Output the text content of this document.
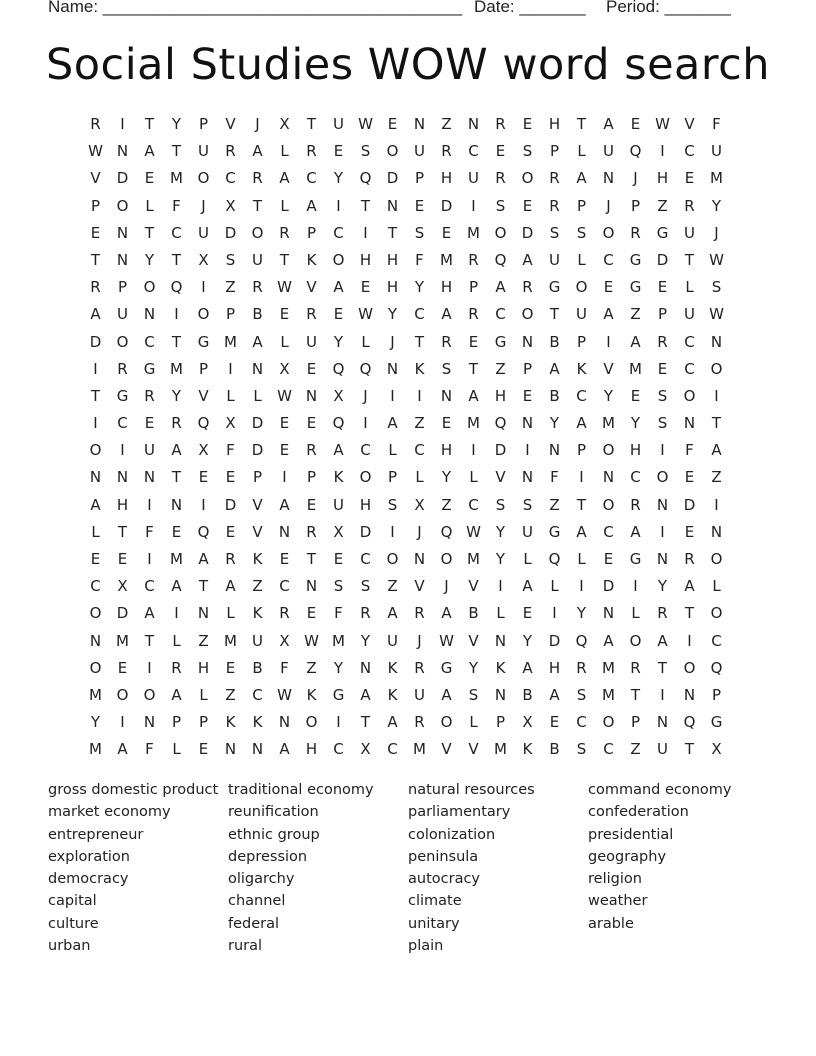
Name: ______________________________________ Date: _______ Period: _______
Social Studies WOW word search
R	I	T	Y	P	V	J	X	T	U W E	N	Z	N	R	E	H	T	A	E W V	F
W N	A	T	U	R	A	L	R	E	S	O	U	R	C	E	S	P	L	U	Q	I	C	U
V	D	E	M O	C	R	A	C	Y	Q	D	P	H	U	R	O	R	A	N	J	H	E	M
P	O	L	F	J	X	T	L	A	I	T	N	E	D	I	S	E	R	P	J	P	Z	R	Y
E	N	T	C	U	D	O	R	P	C	I	T	S	E	M O	D	S	S	O	R	G	U	J
T	N	Y	T	X	S	U	T	K	O	H	H	F	M	R	Q	A	U	L	C	G	D	T	W
R	P	O	Q	I	Z	R W V	A	E	H	Y	H	P	A	R	G	O	E	G	E	L	S
A	U	N	I	O	P	B	E	R	E W Y	C	A	R	C	O	T	U	A	Z	P	U W
D	O	C	T	G M	A	L	U	Y	L	J	T	R	E	G	N	B	P	I	A	R	C	N
I	R	G M	P	I	N	X	E	Q	Q	N	K	S	T	Z	P	A	K	V	M	E	C	O
T	G	R	Y	V	L	L	W N	X	J	I	I	N	A	H	E	B	C	Y	E	S	O	I
I	C	E	R	Q	X	D	E	E	Q	I	A	Z	E	M Q	N	Y	A	M	Y	S	N	T
O	I	U	A	X	F	D	E	R	A	C	L	C	H	I	D	I	N	P	O	H	I	F	A
N	N	N	T	E	E	P	I	P	K	O	P	L	Y	L	V	N	F	I	N	C	O	E	Z
A	H	I	N	I	D	V	A	E	U	H	S	X	Z	C	S	S	Z	T	O	R	N	D	I
L	T	F	E	Q	E	V	N	R	X	D	I	J	Q W Y	U	G	A	C	A	I	E	N
E	E	I	M	A	R	K	E	T	E	C	O	N	O M	Y	L	Q	L	E	G	N	R	O
C	X	C	A	T	A	Z	C	N	S	S	Z	V	J	V	I	A	L	I	D	I	Y	A	L
O	D	A	I	N	L	K	R	E	F	R	A	R	A	B	L	E	I	Y	N	L	R	T	O
N M	T	L	Z	M	U	X W M	Y	U	J	W V	N	Y	D	Q	A	O	A	I	C
O	E	I	R	H	E	B	F	Z	Y	N	K	R	G	Y	K	A	H	R	M	R	T	O	Q
M O	O	A	L	Z	C W K	G	A	K	U	A	S	N	B	A	S	M	T	I	N	P
Y	I	N	P	P	K	K	N	O	I	T	A	R	O	L	P	X	E	C	O	P	N	Q	G
M	A	F	L	E	N	N	A	H	C	X	C	M	V	V	M	K	B	S	C	Z	U	T	X
gross domestic product
market economy
entrepreneur
exploration
democracy
capital
culture
urban
traditional economy
reunification
ethnic group
depression
oligarchy
channel
federal
rural
natural resources
parliamentary
colonization
peninsula
autocracy
climate
unitary
plain
command economy
confederation
presidential
geography
religion
weather
arable
